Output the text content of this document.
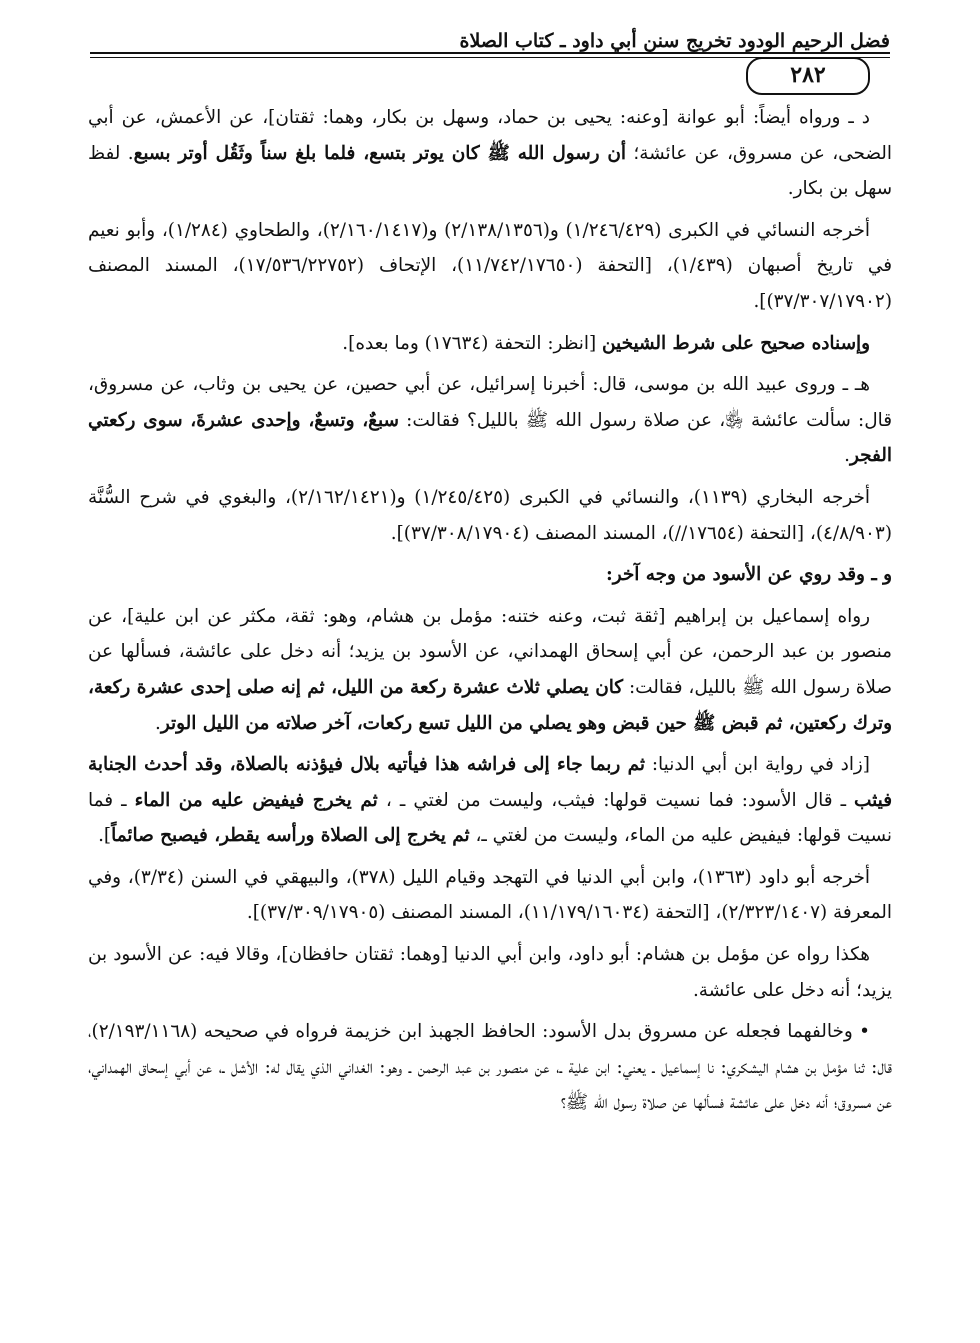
فضل الرحيم الودود تخريج سنن أبي داود ـ كتاب الصلاة
٢٨٢

د ـ ورواه أيضاً: أبو عوانة [وعنه: يحيى بن حماد، وسهل بن بكار، وهما: ثقتان]، عن الأعمش، عن أبي الضحى، عن مسروق، عن عائشة؛ أن رسول الله ﷺ كان يوتر بتسع، فلما بلغ سناً وثَقُل أوتر بسبع. لفظ سهل بن بكار.

أخرجه النسائي في الكبرى (١/٢٤٦/٤٢٩) و(٢/١٣٨/١٣٥٦) و(٢/١٦٠/١٤١٧)، والطحاوي (١/٢٨٤)، وأبو نعيم في تاريخ أصبهان (١/٤٣٩)، [التحفة (١١/٧٤٢/١٧٦٥٠)، الإتحاف (١٧/٥٣٦/٢٢٧٥٢)، المسند المصنف (٣٧/٣٠٧/١٧٩٠٢)].

وإسناده صحيح على شرط الشيخين [انظر: التحفة (١٧٦٣٤) وما بعده].

هـ ـ وروى عبيد الله بن موسى، قال: أخبرنا إسرائيل، عن أبي حصين، عن يحيى بن وثاب، عن مسروق، قال: سألت عائشة ﵂، عن صلاة رسول الله ﷺ بالليل؟ فقالت: سبعٌ، وتسعٌ، وإحدى عشرةَ، سوى ركعتي الفجر.

أخرجه البخاري (١١٣٩)، والنسائي في الكبرى (١/٢٤٥/٤٢٥) و(٢/١٦٢/١٤٢١)، والبغوي في شرح السُّنَّة (٤/٨/٩٠٣)، [التحفة (١٧٦٥٤//)، المسند المصنف (٣٧/٣٠٨/١٧٩٠٤)].

و ـ وقد روي عن الأسود من وجه آخر:

رواه إسماعيل بن إبراهيم [ثقة ثبت، وعنه ختنه: مؤمل بن هشام، وهو: ثقة، مكثر عن ابن علية]، عن منصور بن عبد الرحمن، عن أبي إسحاق الهمداني، عن الأسود بن يزيد؛ أنه دخل على عائشة، فسألها عن صلاة رسول الله ﷺ بالليل، فقالت: كان يصلي ثلاث عشرة ركعة من الليل، ثم إنه صلى إحدى عشرة ركعة، وترك ركعتين، ثم قبض ﷺ حين قبض وهو يصلي من الليل تسع ركعات، آخر صلاته من الليل الوتر.

[زاد في رواية ابن أبي الدنيا: ثم ربما جاء إلى فراشه هذا فيأتيه بلال فيؤذنه بالصلاة، وقد أحدث الجنابة فيثب ـ قال الأسود: فما نسيت قولها: فيثب، وليست من لغتي ـ ، ثم يخرج فيفيض عليه من الماء ـ فما نسيت قولها: فيفيض عليه من الماء، وليست من لغتي ـ، ثم يخرج إلى الصلاة ورأسه يقطر، فيصبح صائماً].

أخرجه أبو داود (١٣٦٣)، وابن أبي الدنيا في التهجد وقيام الليل (٣٧٨)، والبيهقي في السنن (٣/٣٤)، وفي المعرفة (٢/٣٢٣/١٤٠٧)، [التحفة (١١/١٧٩/١٦٠٣٤)، المسند المصنف (٣٧/٣٠٩/١٧٩٠٥)].

هكذا رواه عن مؤمل بن هشام: أبو داود، وابن أبي الدنيا [وهما: ثقتان حافظان]، وقالا فيه: عن الأسود بن يزيد؛ أنه دخل على عائشة.

• وخالفهما فجعله عن مسروق بدل الأسود: الحافظ الجهبذ ابن خزيمة فرواه في صحيحه (٢/١٩٣/١١٦٨)، قال: ثنا مؤمل بن هشام اليشكري: نا إسماعيل ـ يعني: ابن علية ـ، عن منصور بن عبد الرحمن ـ وهو: الغداني الذي يقال له: الأشل ـ، عن أبي إسحاق الهمداني، عن مسروق؛ أنه دخل على عائشة فسألها عن صلاة رسول الله ﷺ؟
